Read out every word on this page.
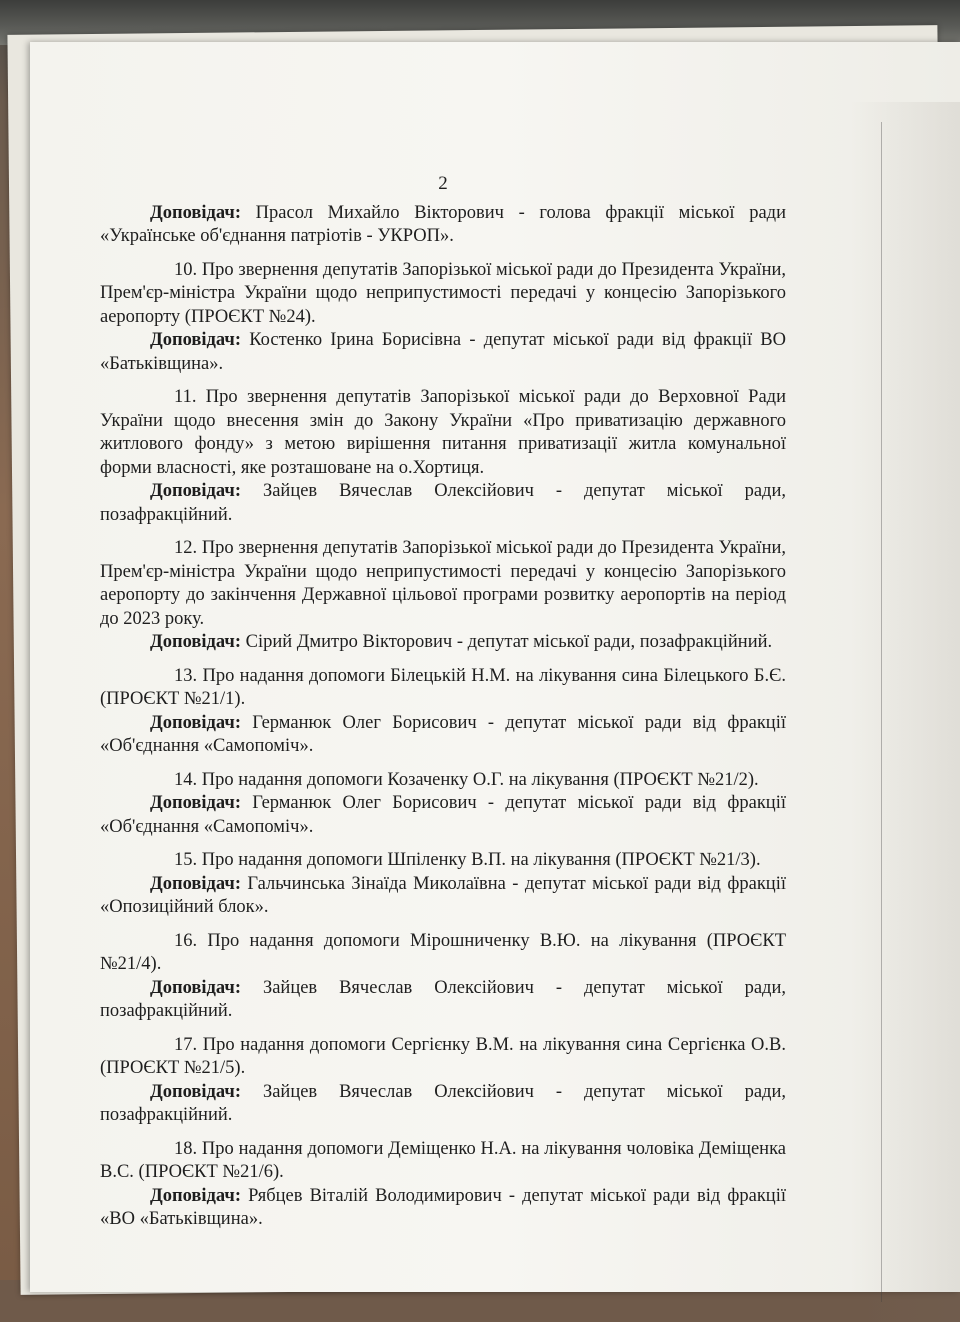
2

Доповідач: Прасол Михайло Вікторович - голова фракції міської ради «Українське об'єднання патріотів - УКРОП».

10. Про звернення депутатів Запорізької міської ради до Президента України, Прем'єр-міністра України щодо неприпустимості передачі у концесію Запорізького аеропорту (ПРОЄКТ №24).

Доповідач: Костенко Ірина Борисівна - депутат міської ради від фракції ВО «Батьківщина».

11. Про звернення депутатів Запорізької міської ради до Верховної Ради України щодо внесення змін до Закону України «Про приватизацію державного житлового фонду» з метою вирішення питання приватизації житла комунальної форми власності, яке розташоване на о.Хортиця.

Доповідач: Зайцев Вячеслав Олексійович - депутат міської ради, позафракційний.

12. Про звернення депутатів Запорізької міської ради до Президента України, Прем'єр-міністра України щодо неприпустимості передачі у концесію Запорізького аеропорту до закінчення Державної цільової програми розвитку аеропортів на період до 2023 року.

Доповідач: Сірий Дмитро Вікторович - депутат міської ради, позафракційний.

13. Про надання допомоги Білецькій Н.М. на лікування сина Білецького Б.Є. (ПРОЄКТ №21/1).

Доповідач: Германюк Олег Борисович - депутат міської ради від фракції «Об'єднання «Самопоміч».

14. Про надання допомоги Козаченку О.Г. на лікування (ПРОЄКТ №21/2).

Доповідач: Германюк Олег Борисович - депутат міської ради від фракції «Об'єднання «Самопоміч».

15. Про надання допомоги Шпіленку В.П. на лікування (ПРОЄКТ №21/3).

Доповідач: Гальчинська Зінаїда Миколаївна - депутат міської ради від фракції «Опозиційний блок».

16. Про надання допомоги Мірошниченку В.Ю. на лікування (ПРОЄКТ №21/4).

Доповідач: Зайцев Вячеслав Олексійович - депутат міської ради, позафракційний.

17. Про надання допомоги Сергієнку В.М. на лікування сина Сергієнка О.В. (ПРОЄКТ №21/5).

Доповідач: Зайцев Вячеслав Олексійович - депутат міської ради, позафракційний.

18. Про надання допомоги Деміщенко Н.А. на лікування чоловіка Деміщенка В.С. (ПРОЄКТ №21/6).

Доповідач: Рябцев Віталій Володимирович - депутат міської ради від фракції «ВО «Батьківщина».
